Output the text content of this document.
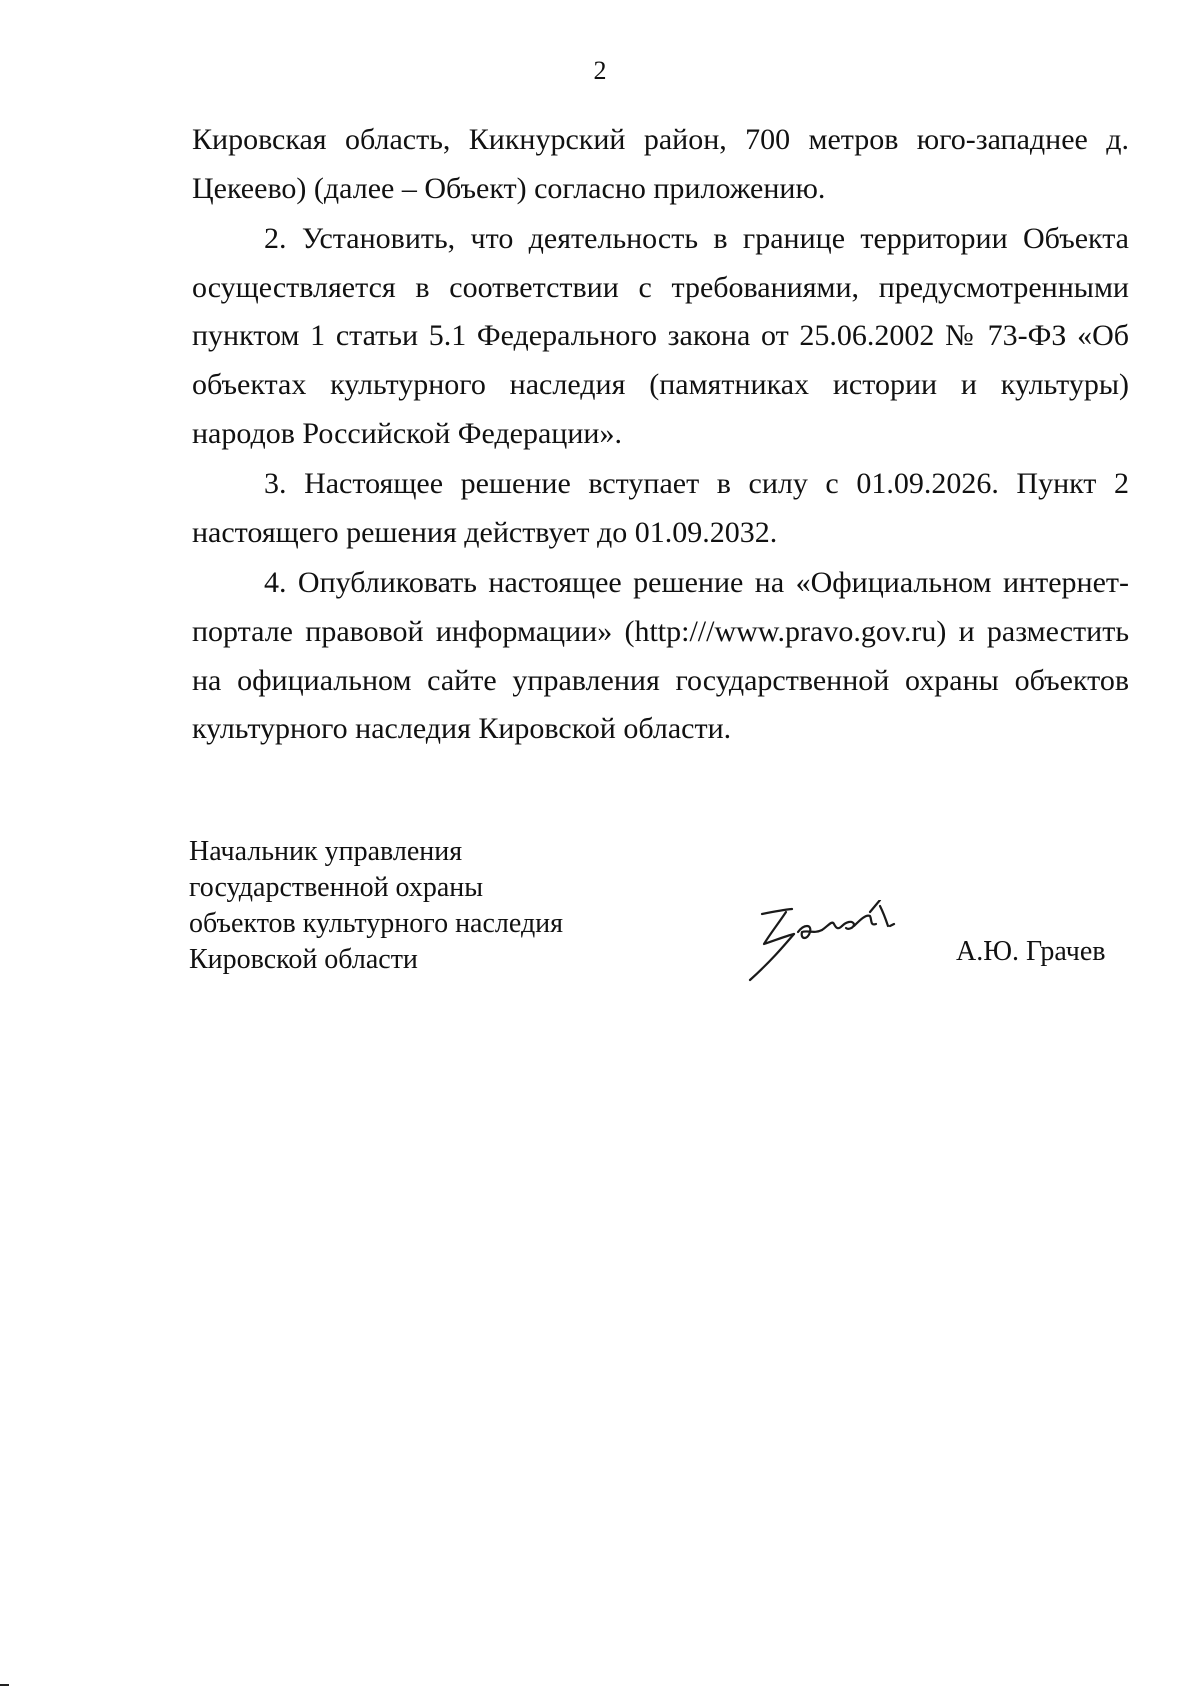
2

Кировская область, Кикнурский район, 700 метров юго-западнее д. Цекеево) (далее – Объект) согласно приложению.

2. Установить, что деятельность в границе территории Объекта осуществляется в соответствии с требованиями, предусмотренными пунктом 1 статьи 5.1 Федерального закона от 25.06.2002 № 73-ФЗ «Об объектах культурного наследия (памятниках истории и культуры) народов Российской Федерации».

3. Настоящее решение вступает в силу с 01.09.2026. Пункт 2 настоящего решения действует до 01.09.2032.

4. Опубликовать настоящее решение на «Официальном интернет-портале правовой информации» (http:///www.pravo.gov.ru) и разместить на официальном сайте управления государственной охраны объектов культурного наследия Кировской области.

Начальник управления
государственной охраны
объектов культурного наследия
Кировской области	А.Ю. Грачев
